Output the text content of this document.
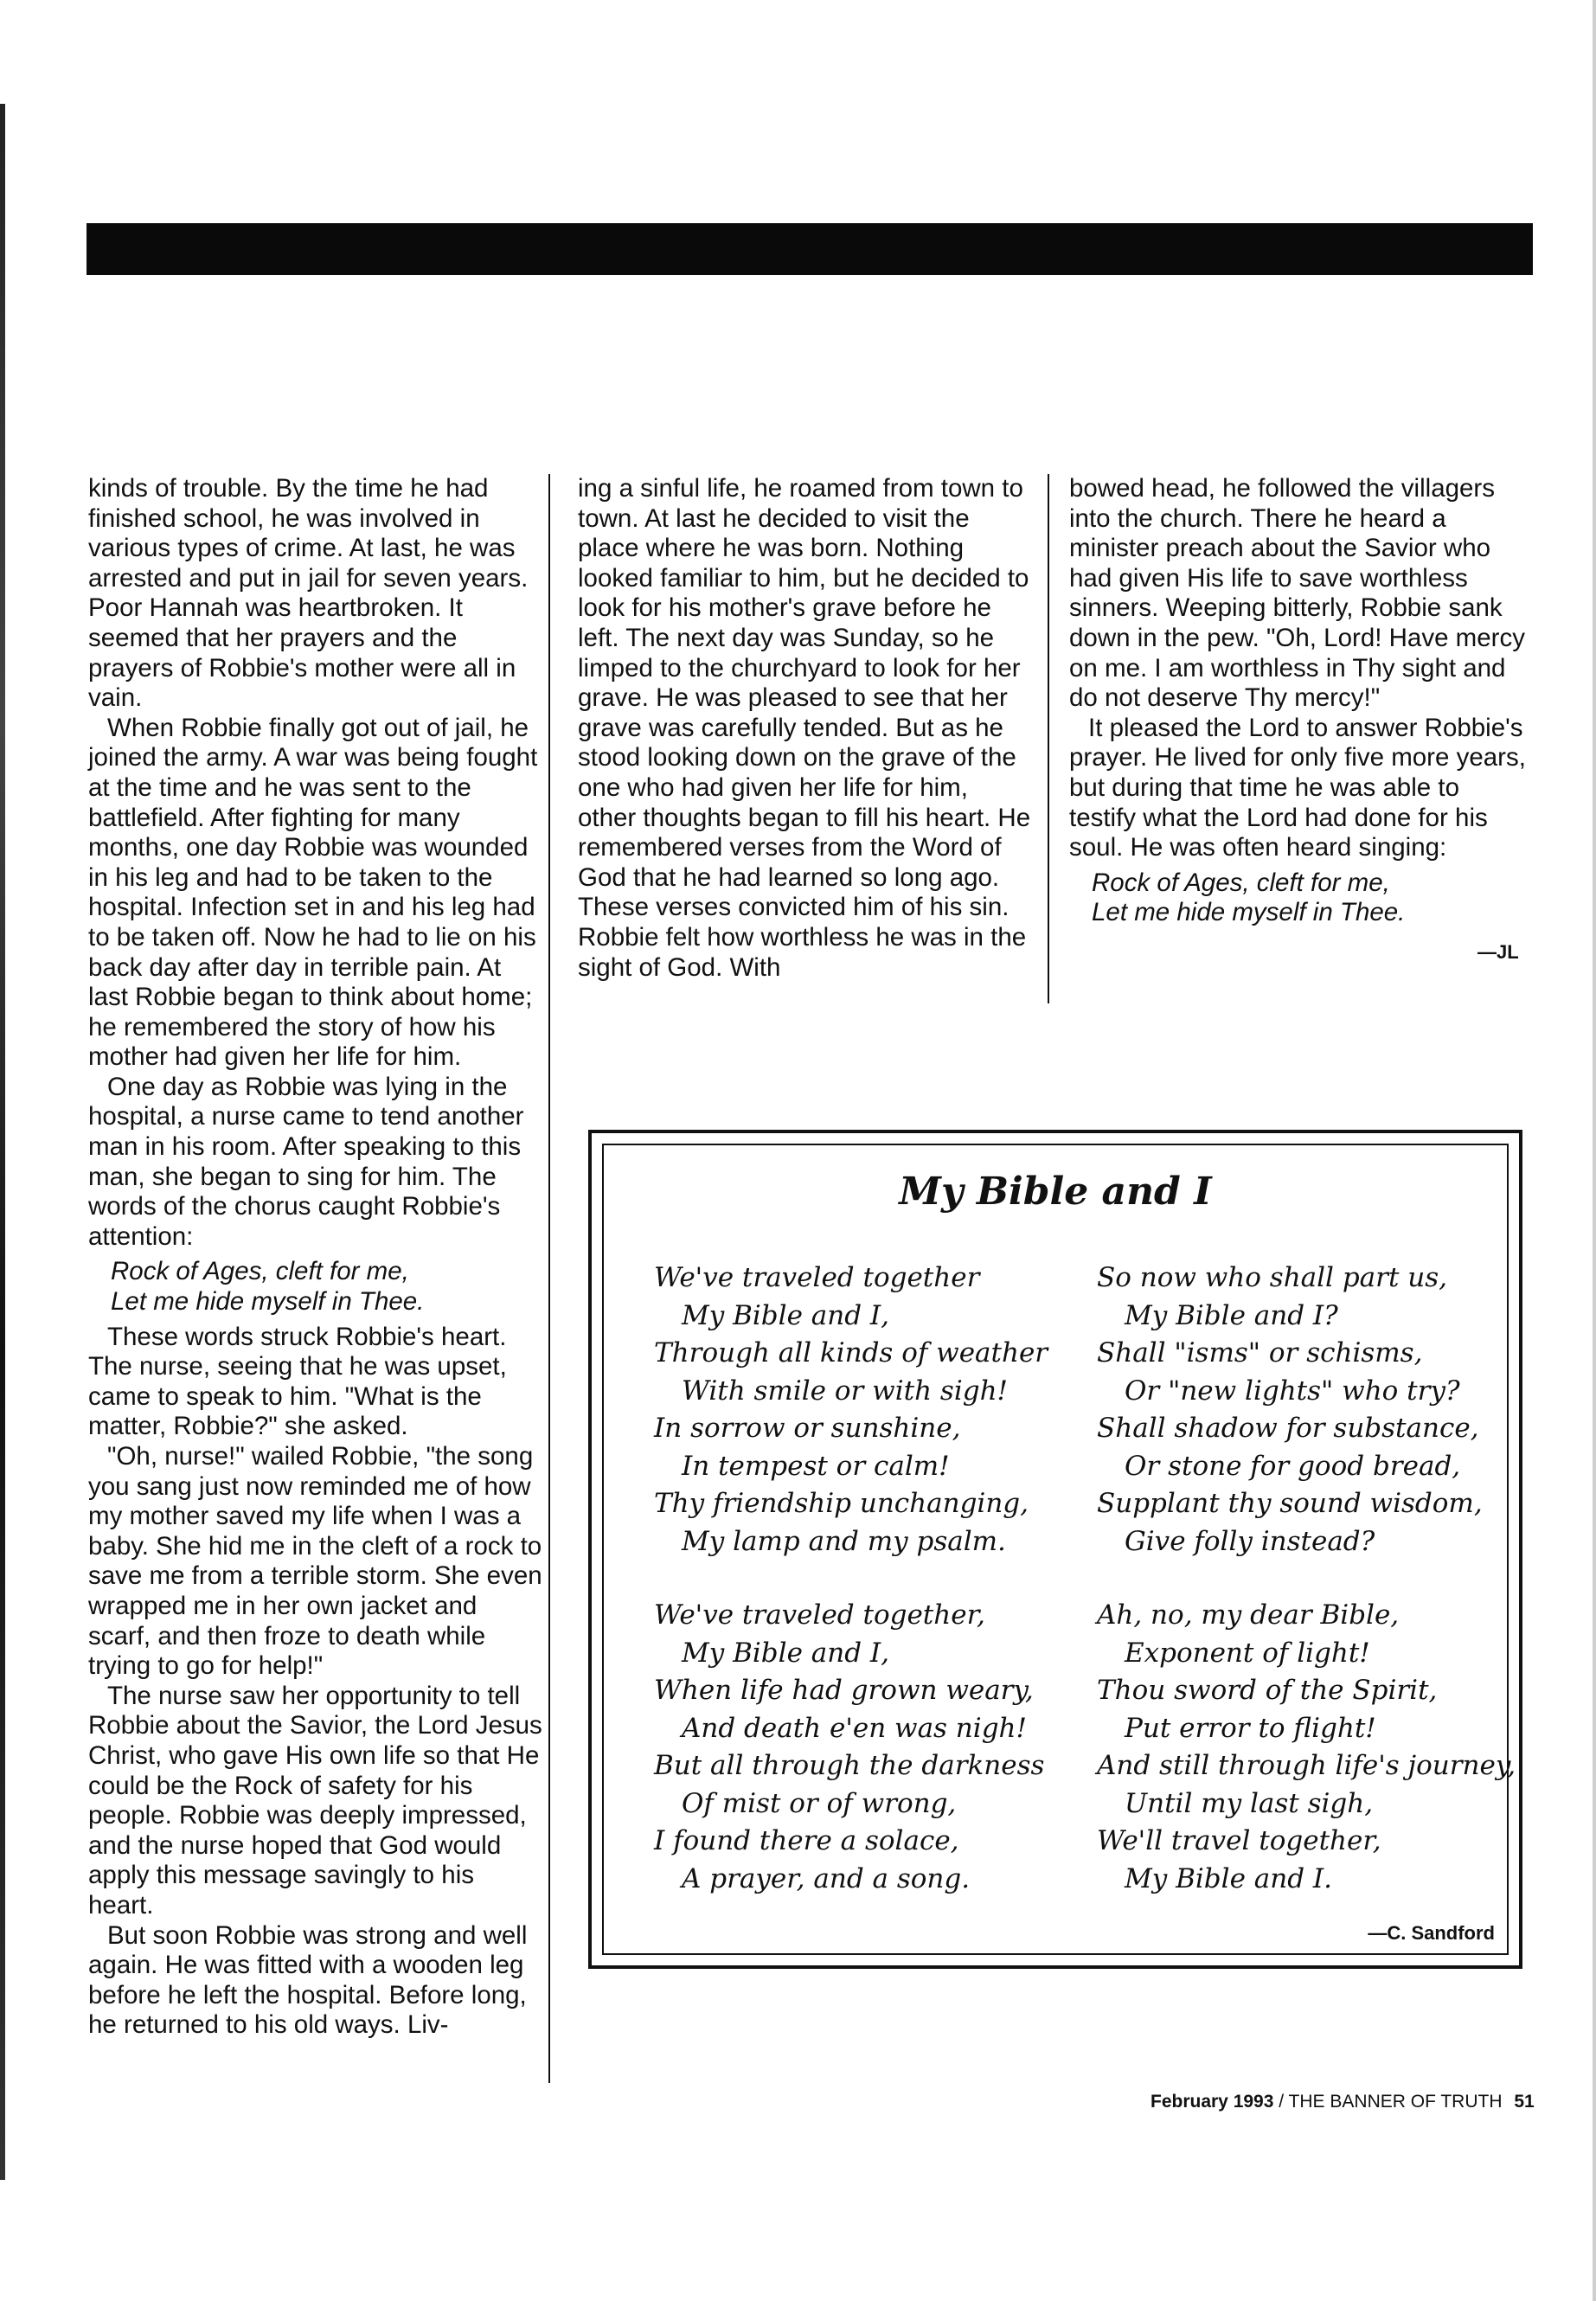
kinds of trouble. By the time he had finished school, he was involved in various types of crime. At last, he was arrested and put in jail for seven years. Poor Hannah was heartbroken. It seemed that her prayers and the prayers of Robbie's mother were all in vain.

When Robbie finally got out of jail, he joined the army. A war was being fought at the time and he was sent to the battlefield. After fighting for many months, one day Robbie was wounded in his leg and had to be taken to the hospital. Infection set in and his leg had to be taken off. Now he had to lie on his back day after day in terrible pain. At last Robbie began to think about home; he remembered the story of how his mother had given her life for him.

One day as Robbie was lying in the hospital, a nurse came to tend another man in his room. After speaking to this man, she began to sing for him. The words of the chorus caught Robbie's attention:

Rock of Ages, cleft for me,

Let me hide myself in Thee.

These words struck Robbie's heart. The nurse, seeing that he was upset, came to speak to him. "What is the matter, Robbie?" she asked.

"Oh, nurse!" wailed Robbie, "the song you sang just now reminded me of how my mother saved my life when I was a baby. She hid me in the cleft of a rock to save me from a terrible storm. She even wrapped me in her own jacket and scarf, and then froze to death while trying to go for help!"

The nurse saw her opportunity to tell Robbie about the Savior, the Lord Jesus Christ, who gave His own life so that He could be the Rock of safety for his people. Robbie was deeply impressed, and the nurse hoped that God would apply this message savingly to his heart.

But soon Robbie was strong and well again. He was fitted with a wooden leg before he left the hospital. Before long, he returned to his old ways. Liv-

ing a sinful life, he roamed from town to town. At last he decided to visit the place where he was born. Nothing looked familiar to him, but he decided to look for his mother's grave before he left. The next day was Sunday, so he limped to the churchyard to look for her grave. He was pleased to see that her grave was carefully tended. But as he stood looking down on the grave of the one who had given her life for him, other thoughts began to fill his heart. He remembered verses from the Word of God that he had learned so long ago. These verses convicted him of his sin. Robbie felt how worthless he was in the sight of God. With

bowed head, he followed the villagers into the church. There he heard a minister preach about the Savior who had given His life to save worthless sinners. Weeping bitterly, Robbie sank down in the pew. "Oh, Lord! Have mercy on me. I am worthless in Thy sight and do not deserve Thy mercy!"

It pleased the Lord to answer Robbie's prayer. He lived for only five more years, but during that time he was able to testify what the Lord had done for his soul. He was often heard singing:

Rock of Ages, cleft for me,

Let me hide myself in Thee.

—JL
My Bible and I
We've traveled together
My Bible and I,
Through all kinds of weather
With smile or with sigh!
In sorrow or sunshine,
In tempest or calm!
Thy friendship unchanging,
My lamp and my psalm.
We've traveled together,
My Bible and I,
When life had grown weary,
And death e'en was nigh!
But all through the darkness
Of mist or of wrong,
I found there a solace,
A prayer, and a song.
So now who shall part us,
My Bible and I?
Shall "isms" or schisms,
Or "new lights" who try?
Shall shadow for substance,
Or stone for good bread,
Supplant thy sound wisdom,
Give folly instead?
Ah, no, my dear Bible,
Exponent of light!
Thou sword of the Spirit,
Put error to flight!
And still through life's journey,
Until my last sigh,
We'll travel together,
My Bible and I.
—C. Sandford
February 1993 / THE BANNER OF TRUTH 51
